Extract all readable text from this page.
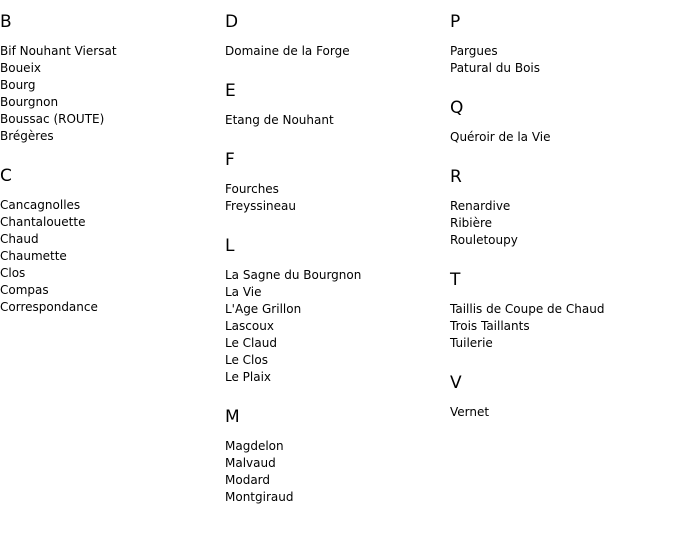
B
Bif Nouhant Viersat
Boueix
Bourg
Bourgnon
Boussac (ROUTE)
Brégères
C
Cancagnolles
Chantalouette
Chaud
Chaumette
Clos
Compas
Correspondance
D
Domaine de la Forge
E
Etang de Nouhant
F
Fourches
Freyssineau
L
La Sagne du Bourgnon
La Vie
L'Age Grillon
Lascoux
Le Claud
Le Clos
Le Plaix
M
Magdelon
Malvaud
Modard
Montgiraud
P
Pargues
Patural du Bois
Q
Quéroir de la Vie
R
Renardive
Ribière
Rouletoupy
T
Taillis de Coupe de Chaud
Trois Taillants
Tuilerie
V
Vernet
